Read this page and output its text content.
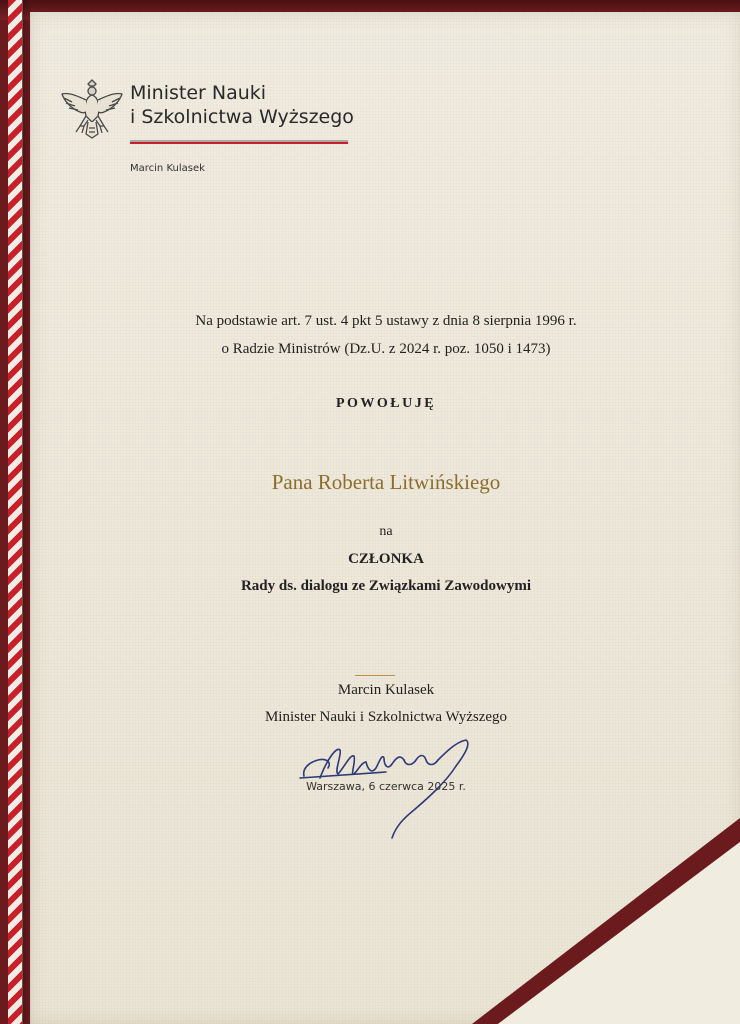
Minister Nauki
i Szkolnictwa Wyższego
Marcin Kulasek
Na podstawie art. 7 ust. 4 pkt 5 ustawy z dnia 8 sierpnia 1996 r.
o Radzie Ministrów (Dz.U. z 2024 r. poz. 1050 i 1473)
POWOŁUJĘ
Pana Roberta Litwińskiego
na
CZŁONKA
Rady ds. dialogu ze Związkami Zawodowymi
Marcin Kulasek
Minister Nauki i Szkolnictwa Wyższego
Warszawa, 6 czerwca 2025 r.
